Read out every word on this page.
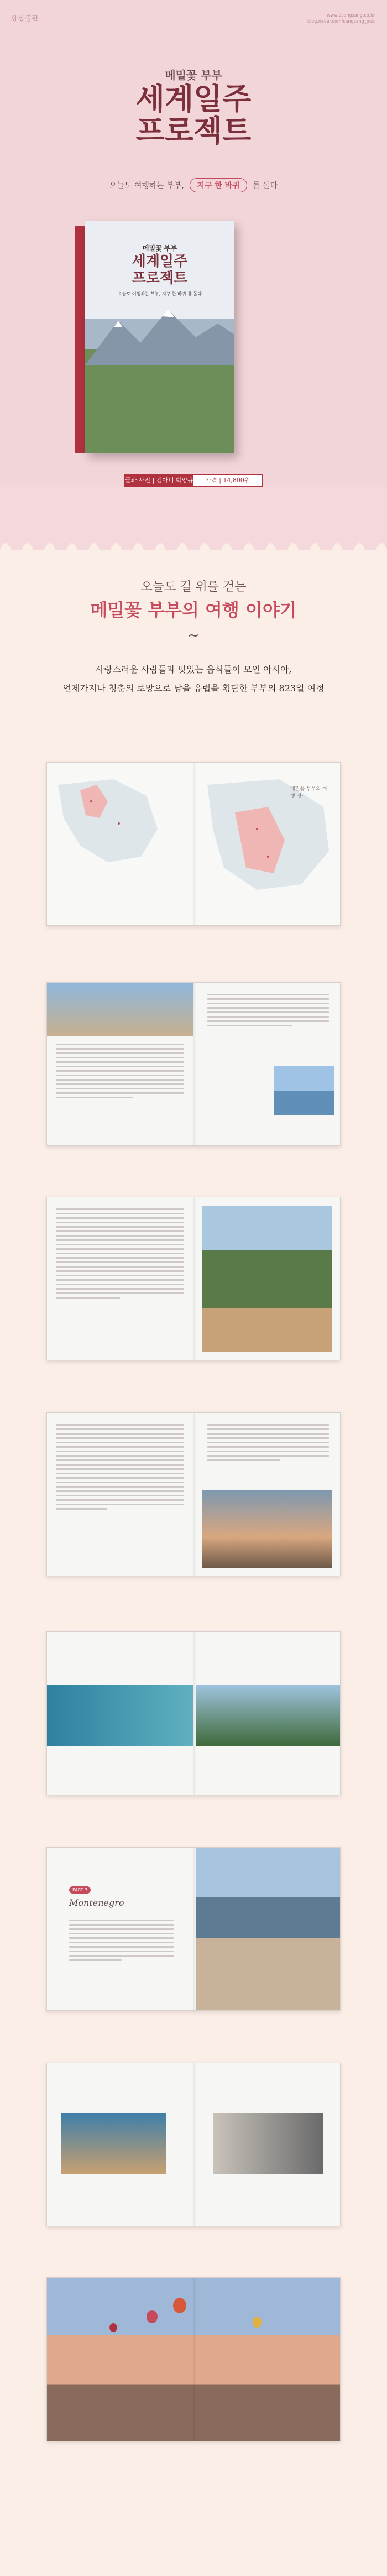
상상출판	www.esangsang.co.kr
blog.naver.com/sangsang_pub
메밀꽃 부부
세계일주
프로젝트
오늘도 여행하는 부부, 지구 한 바퀴 를 돌다
메밀꽃 부부
세계일주
프로젝트
오늘도 여행하는 부부, 지구 한 바퀴 를 돌다
글과 사진 | 김아니 박양규	가격 | 14,800원
오늘도 길 위를 걷는
메밀꽃 부부의 여행 이야기
~
사랑스러운 사람들과 맛있는 음식들이 모인 아시아,
언제가지나 청춘의 로망으로 남을 유럽을 횡단한 부부의 823일 여정
메밀꽃 부부의 여행 경로
PART 3
Montenegro
